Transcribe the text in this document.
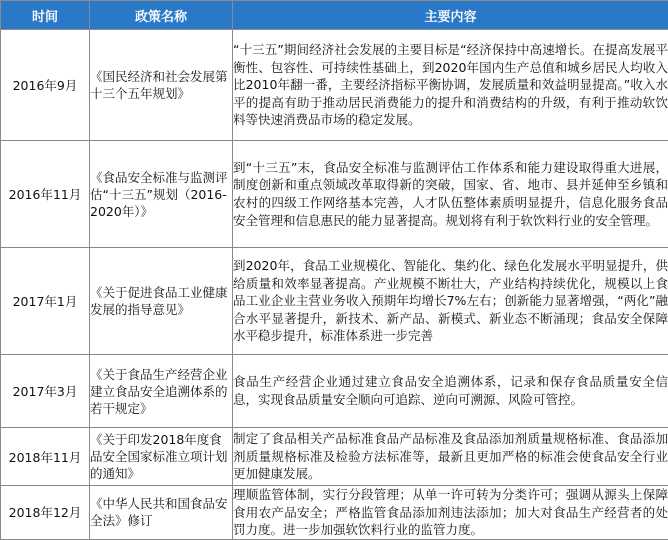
时间	政策名称	主要内容
2016年9月	《国民经济和社会发展第十三个五年规划》	“十三五”期间经济社会发展的主要目标是“经济保持中高速增长。在提高发展平衡性、包容性、可持续性基础上，到2020年国内生产总值和城乡居民人均收入比2010年翻一番，主要经济指标平衡协调，发展质量和效益明显提高。”收入水平的提高有助于推动居民消费能力的提升和消费结构的升级，有利于推动软饮料等快速消费品市场的稳定发展。
2016年11月	《食品安全标准与监测评估“十三五”规划（2016-2020年）》	到“十三五”末，食品安全标准与监测评估工作体系和能力建设取得重大进展，制度创新和重点领域改革取得新的突破，国家、省、地市、县并延伸至乡镇和农村的四级工作网络基本完善，人才队伍整体素质明显提升，信息化服务食品安全管理和信息惠民的能力显著提高。规划将有利于软饮料行业的安全管理。
2017年1月	《关于促进食品工业健康发展的指导意见》	到2020年，食品工业规模化、智能化、集约化、绿色化发展水平明显提升，供给质量和效率显著提高。产业规模不断壮大，产业结构持续优化，规模以上食品工业企业主营业务收入预期年均增长7%左右；创新能力显著增强，“两化”融合水平显著提升，新技术、新产品、新模式、新业态不断涌现；食品安全保障水平稳步提升，标准体系进一步完善
2017年3月	《关于食品生产经营企业建立食品安全追溯体系的若干规定》	食品生产经营企业通过建立食品安全追溯体系，记录和保存食品质量安全信息，实现食品质量安全顺向可追踪、逆向可溯源、风险可管控。
2018年11月	《关于印发2018年度食品安全国家标准立项计划的通知》	制定了食品相关产品标准食品产品标准及食品添加剂质量规格标准、食品添加剂质量规格标准及检验方法标准等，最新且更加严格的标准会使食品安全行业更加健康发展。
2018年12月	《中华人民共和国食品安全法》修订	理顺监管体制，实行分段管理；从单一许可转为分类许可；强调从源头上保障食用农产品安全；严格监管食品添加剂违法添加；加大对食品生产经营者的处罚力度。进一步加强软饮料行业的监管力度。
